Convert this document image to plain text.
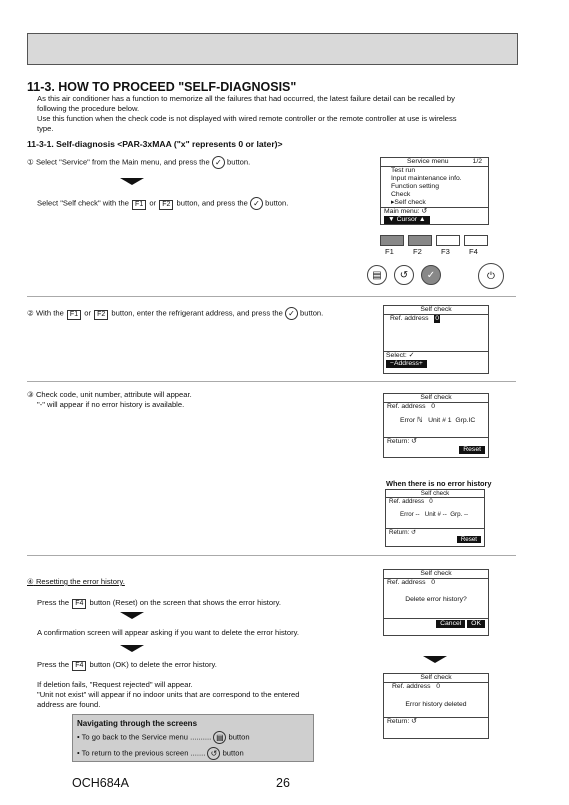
11-3. HOW TO PROCEED "SELF-DIAGNOSIS"
As this air conditioner has a function to memorize all the failures that had occurred, the latest failure detail can be recalled by
following the procedure below.
Use this function when the check code is not displayed with wired remote controller or the remote controller at use is wireless
type.
11-3-1. Self-diagnosis <PAR-3xMAA ("x" represents 0 or later)>
① Select "Service" from the Main menu, and press the ✓ button.
Select "Self check" with the F1 or F2 button, and press the ✓ button.
Service menu	1/2
Test run
Input maintenance info.
Function setting
Check
▸Self check
Main menu: ↺
▼ Cursor ▲
F1	F2	F3	F4
▤	↺	✓	⏻
② With the F1 or F2 button, enter the refrigerant address, and press the ✓ button.	Self check
Ref. address 0
Select: ✓
−Address+
③ Check code, unit number, attribute will appear.
"-" will appear if no error history is available.
Self check
Ref. address 0
Error ℕ Unit # 1 Grp.IC
Return: ↺
Reset
When there is no error history
Self check
Ref. address 0
Error -- Unit # -- Grp. --
Return: ↺
Reset
④ Resetting the error history.
Press the F4 button (Reset) on the screen that shows the error history.
A confirmation screen will appear asking if you want to delete the error history.
Press the F4 button (OK) to delete the error history.
If deletion fails, "Request rejected" will appear.
"Unit not exist" will appear if no indoor units that are correspond to the entered
address are found.
Self check
Ref. address 0
Delete error history?
Cancel OK
Self check
Ref. address 0
Error history deleted
Return: ↺
Navigating through the screens
• To go back to the Service menu .......... ▤ button
• To return to the previous screen ....... ↺ button
OCH684A	26
